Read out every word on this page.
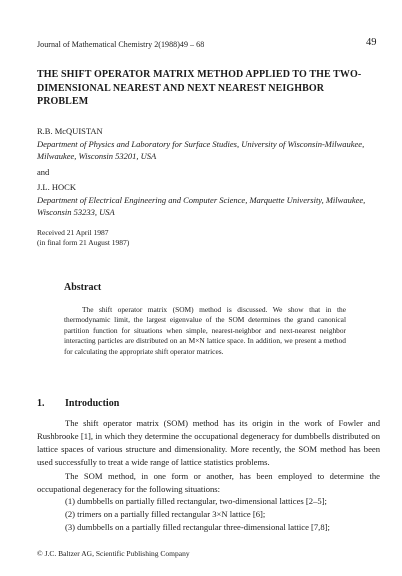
Journal of Mathematical Chemistry 2(1988)49 – 68	49
THE SHIFT OPERATOR MATRIX METHOD APPLIED TO THE TWO-DIMENSIONAL NEAREST AND NEXT NEAREST NEIGHBOR PROBLEM
R.B. McQUISTAN
Department of Physics and Laboratory for Surface Studies, University of Wisconsin-Milwaukee, Milwaukee, Wisconsin 53201, USA
and
J.L. HOCK
Department of Electrical Engineering and Computer Science, Marquette University, Milwaukee, Wisconsin 53233, USA
Received 21 April 1987
(in final form 21 August 1987)
Abstract
The shift operator matrix (SOM) method is discussed. We show that in the thermodynamic limit, the largest eigenvalue of the SOM determines the grand canonical partition function for situations when simple, nearest-neighbor and next-nearest neighbor interacting particles are distributed on an M×N lattice space. In addition, we present a method for calculating the appropriate shift operator matrices.
1. Introduction
The shift operator matrix (SOM) method has its origin in the work of Fowler and Rushbrooke [1], in which they determine the occupational degeneracy for dumbbells distributed on lattice spaces of various structure and dimensionality. More recently, the SOM method has been used successfully to treat a wide range of lattice statistics problems.
The SOM method, in one form or another, has been employed to determine the occupational degeneracy for the following situations:
(1) dumbbells on partially filled rectangular, two-dimensional lattices [2–5];
(2) trimers on a partially filled rectangular 3×N lattice [6];
(3) dumbbells on a partially filled rectangular three-dimensional lattice [7,8];
© J.C. Baltzer AG, Scientific Publishing Company
